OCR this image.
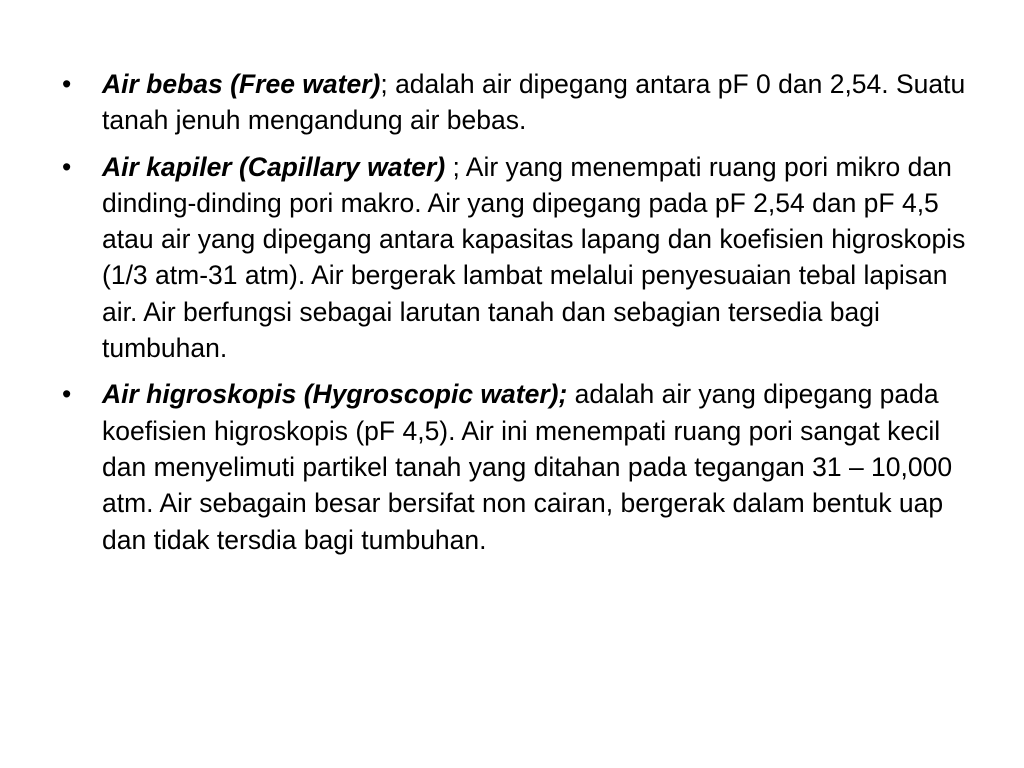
• Air bebas (Free water); adalah air dipegang antara pF 0 dan 2,54. Suatu tanah jenuh mengandung air bebas.
• Air kapiler (Capillary water) ; Air yang menempati ruang pori mikro dan dinding-dinding pori makro. Air yang dipegang pada pF 2,54 dan pF 4,5 atau air yang dipegang antara kapasitas lapang dan koefisien higroskopis (1/3 atm-31 atm). Air bergerak lambat melalui penyesuaian tebal lapisan air. Air berfungsi sebagai larutan tanah dan sebagian tersedia bagi tumbuhan.
• Air higroskopis (Hygroscopic water); adalah air yang dipegang pada koefisien higroskopis (pF 4,5). Air ini menempati ruang pori sangat kecil dan menyelimuti partikel tanah yang ditahan pada tegangan 31 – 10,000 atm. Air sebagain besar bersifat non cairan, bergerak dalam bentuk uap dan tidak tersdia bagi tumbuhan.
